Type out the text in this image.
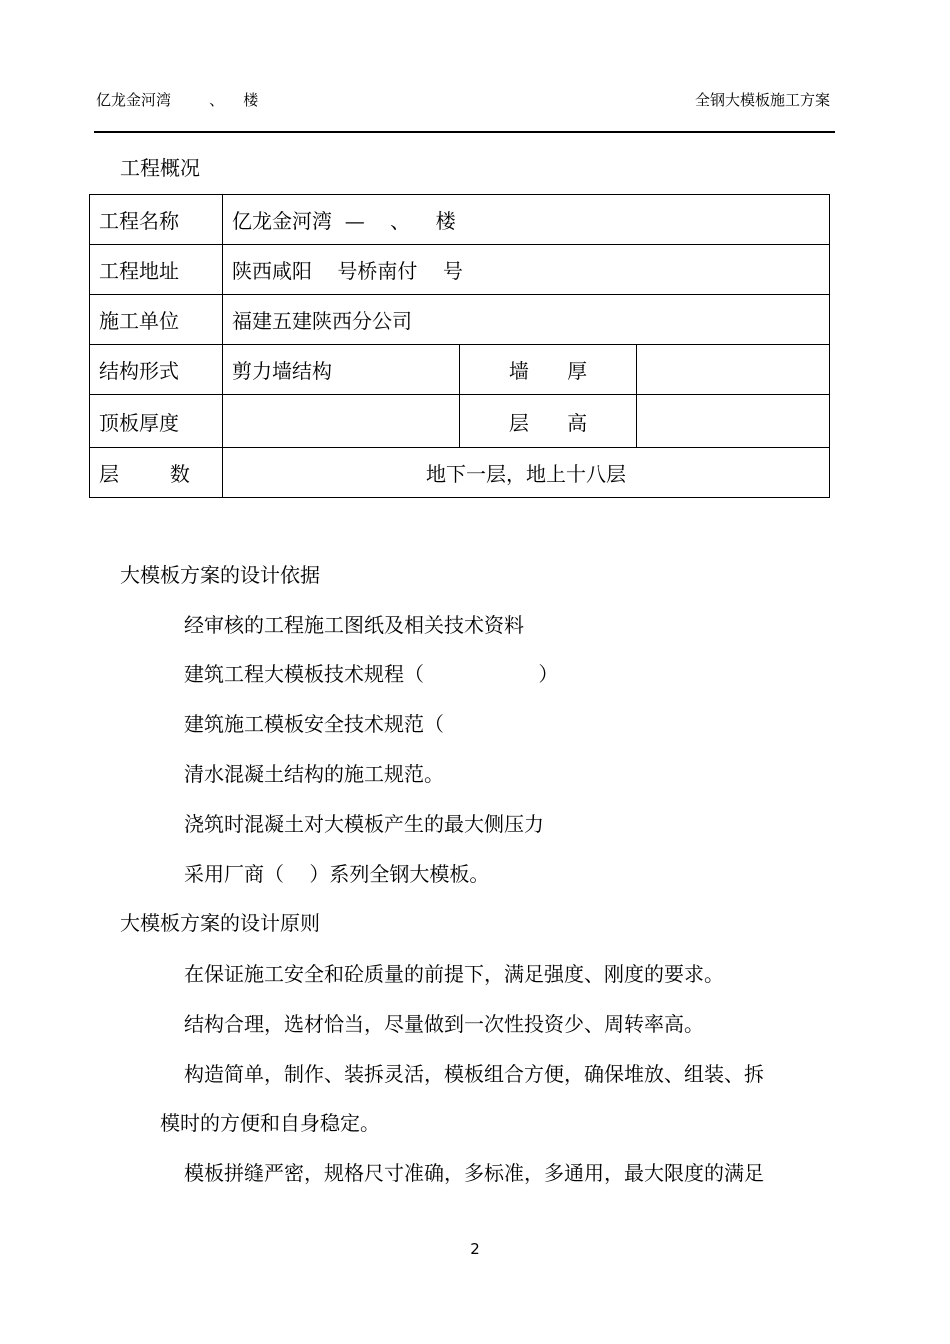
亿龙金河湾        、    楼	全钢大模板施工方案
工程概况
工程名称	亿龙金河湾  —    、    楼		
工程地址	陕西咸阳    号桥南付    号		
施工单位	福建五建陕西分公司		
结构形式	剪力墙结构	墙      厚	
顶板厚度		层      高	
层        数	地下一层，地上十八层		
大模板方案的设计依据
经审核的工程施工图纸及相关技术资料
建筑工程大模板技术规程（                  ）
建筑施工模板安全技术规范（
清水混凝土结构的施工规范。
浇筑时混凝土对大模板产生的最大侧压力
采用厂商（    ）系列全钢大模板。
大模板方案的设计原则
在保证施工安全和砼质量的前提下，满足强度、刚度的要求。
结构合理，选材恰当，尽量做到一次性投资少、周转率高。
构造简单，制作、装拆灵活，模板组合方便，确保堆放、组装、拆
模时的方便和自身稳定。
模板拼缝严密，规格尺寸准确，多标准，多通用，最大限度的满足
2
